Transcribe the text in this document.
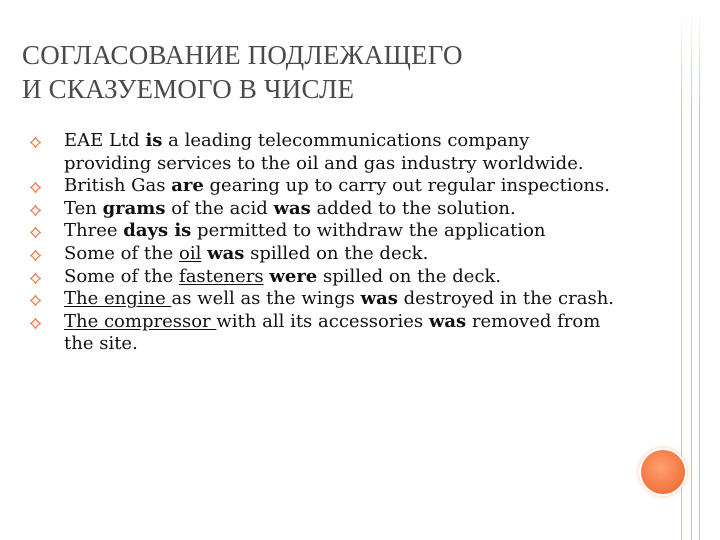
СОГЛАСОВАНИЕ ПОДЛЕЖАЩЕГО
И СКАЗУЕМОГО В ЧИСЛЕ
EAE Ltd is a leading telecommunications company providing services to the oil and gas industry worldwide.
British Gas are gearing up to carry out regular inspections.
Ten grams of the acid was added to the solution.
Three days is permitted to withdraw the application
Some of the oil was spilled on the deck.
Some of the fasteners were spilled on the deck.
The engine as well as the wings was destroyed in the crash.
The compressor with all its accessories was removed from the site.
